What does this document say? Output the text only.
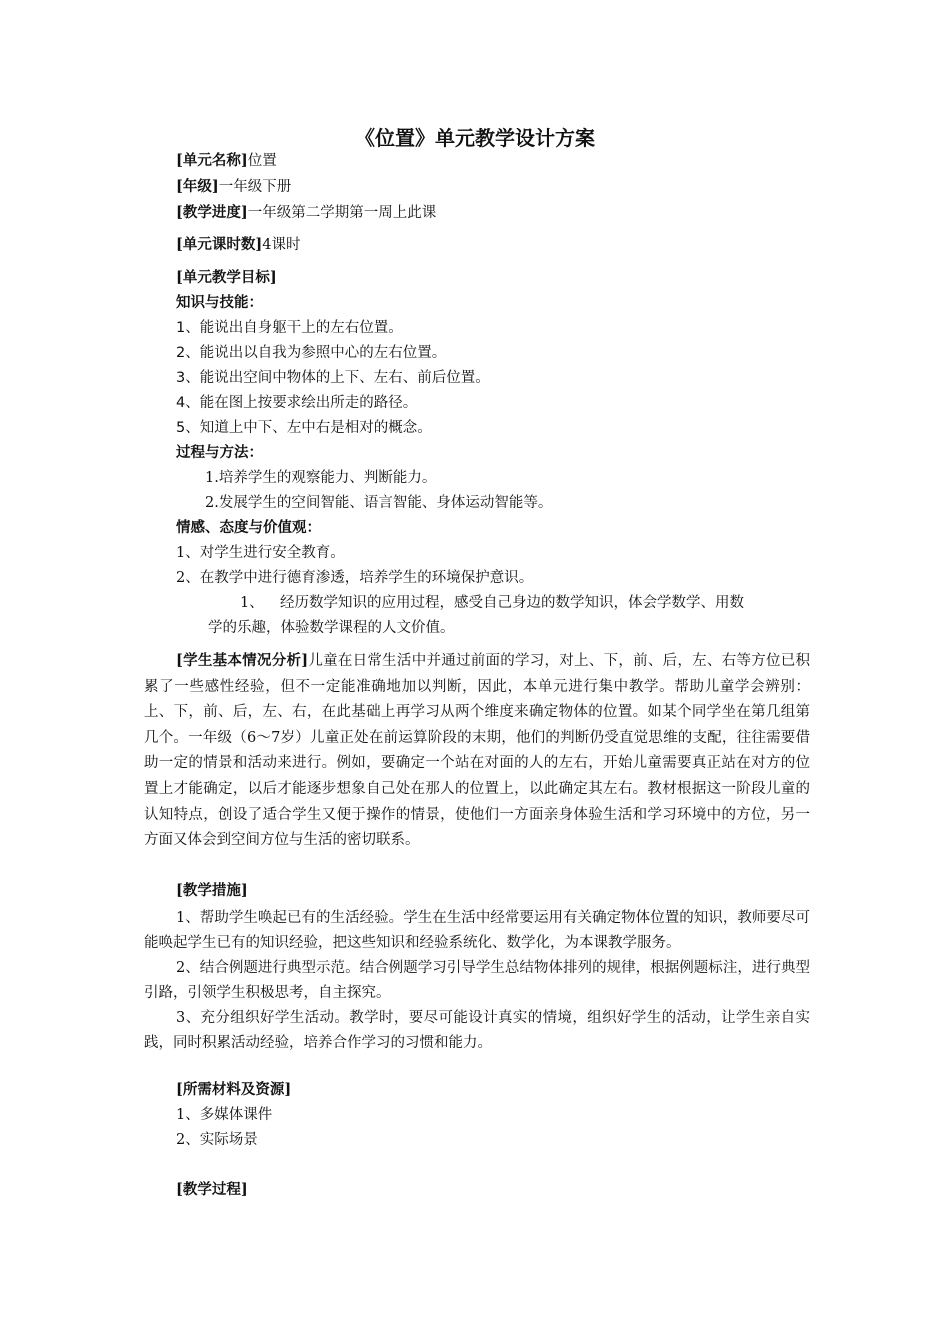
《位置》单元教学设计方案
[单元名称]位置
[年级]一年级下册
[教学进度]一年级第二学期第一周上此课
[单元课时数]4课时
[单元教学目标]
知识与技能：
1、能说出自身躯干上的左右位置。
2、能说出以自我为参照中心的左右位置。
3、能说出空间中物体的上下、左右、前后位置。
4、能在图上按要求绘出所走的路径。
5、知道上中下、左中右是相对的概念。
过程与方法：
1.培养学生的观察能力、判断能力。
2.发展学生的空间智能、语言智能、身体运动智能等。
情感、态度与价值观：
1、对学生进行安全教育。
2、在教学中进行德育渗透，培养学生的环境保护意识。
1、 经历数学知识的应用过程，感受自己身边的数学知识，体会学数学、用数
学的乐趣，体验数学课程的人文价值。
[学生基本情况分析]儿童在日常生活中并通过前面的学习，对上、下，前、后，左、右等方位已积累了一些感性经验，但不一定能准确地加以判断，因此，本单元进行集中教学。帮助儿童学会辨别：上、下，前、后，左、右，在此基础上再学习从两个维度来确定物体的位置。如某个同学坐在第几组第几个。一年级（6～7岁）儿童正处在前运算阶段的末期，他们的判断仍受直觉思维的支配，往往需要借助一定的情景和活动来进行。例如，要确定一个站在对面的人的左右，开始儿童需要真正站在对方的位置上才能确定，以后才能逐步想象自己处在那人的位置上，以此确定其左右。教材根据这一阶段儿童的认知特点，创设了适合学生又便于操作的情景，使他们一方面亲身体验生活和学习环境中的方位，另一方面又体会到空间方位与生活的密切联系。
[教学措施]
1、帮助学生唤起已有的生活经验。学生在生活中经常要运用有关确定物体位置的知识，教师要尽可能唤起学生已有的知识经验，把这些知识和经验系统化、数学化，为本课教学服务。
2、结合例题进行典型示范。结合例题学习引导学生总结物体排列的规律，根据例题标注，进行典型引路，引领学生积极思考，自主探究。
3、充分组织好学生活动。教学时，要尽可能设计真实的情境，组织好学生的活动，让学生亲自实践，同时积累活动经验，培养合作学习的习惯和能力。
[所需材料及资源]
1、多媒体课件
2、实际场景
[教学过程]
